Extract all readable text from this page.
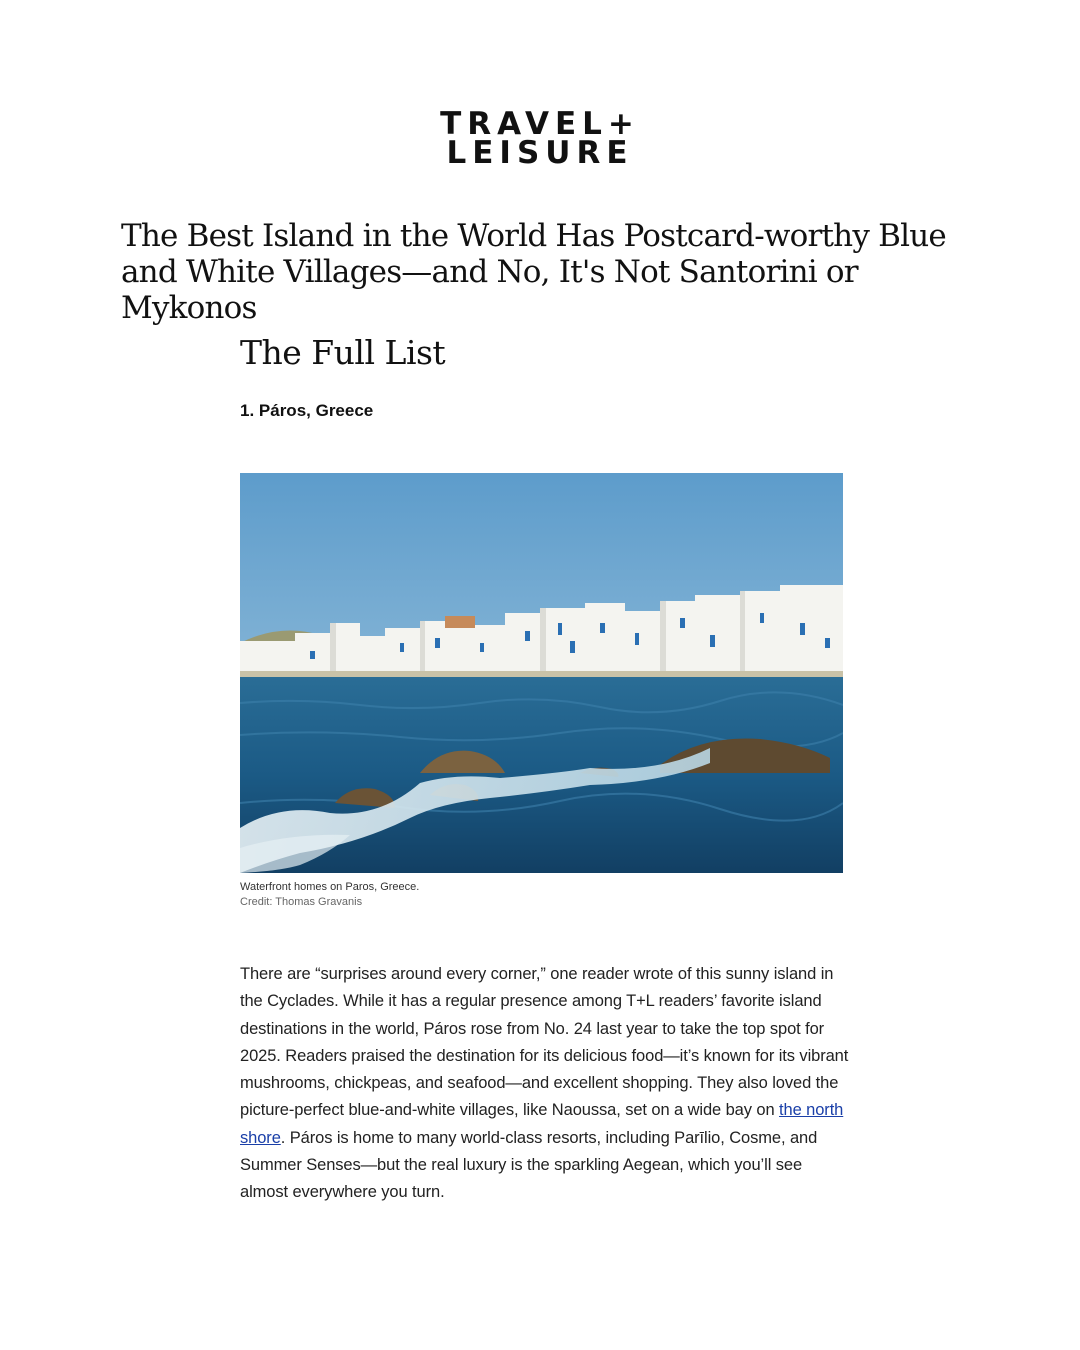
TRAVEL+
LEISURE
The Best Island in the World Has Postcard-worthy Blue and White Villages—and No, It's Not Santorini or Mykonos
The Full List
1. Páros, Greece
Waterfront homes on Paros, Greece.
Credit: Thomas Gravanis

There are “surprises around every corner,” one reader wrote of this sunny island in the Cyclades. While it has a regular presence among T+L readers’ favorite island destinations in the world, Páros rose from No. 24 last year to take the top spot for 2025. Readers praised the destination for its delicious food—it’s known for its vibrant mushrooms, chickpeas, and seafood—and excellent shopping. They also loved the picture-perfect blue-and-white villages, like Naoussa, set on a wide bay on the north shore. Páros is home to many world-class resorts, including Parīlio, Cosme, and Summer Senses—but the real luxury is the sparkling Aegean, which you’ll see almost everywhere you turn.
